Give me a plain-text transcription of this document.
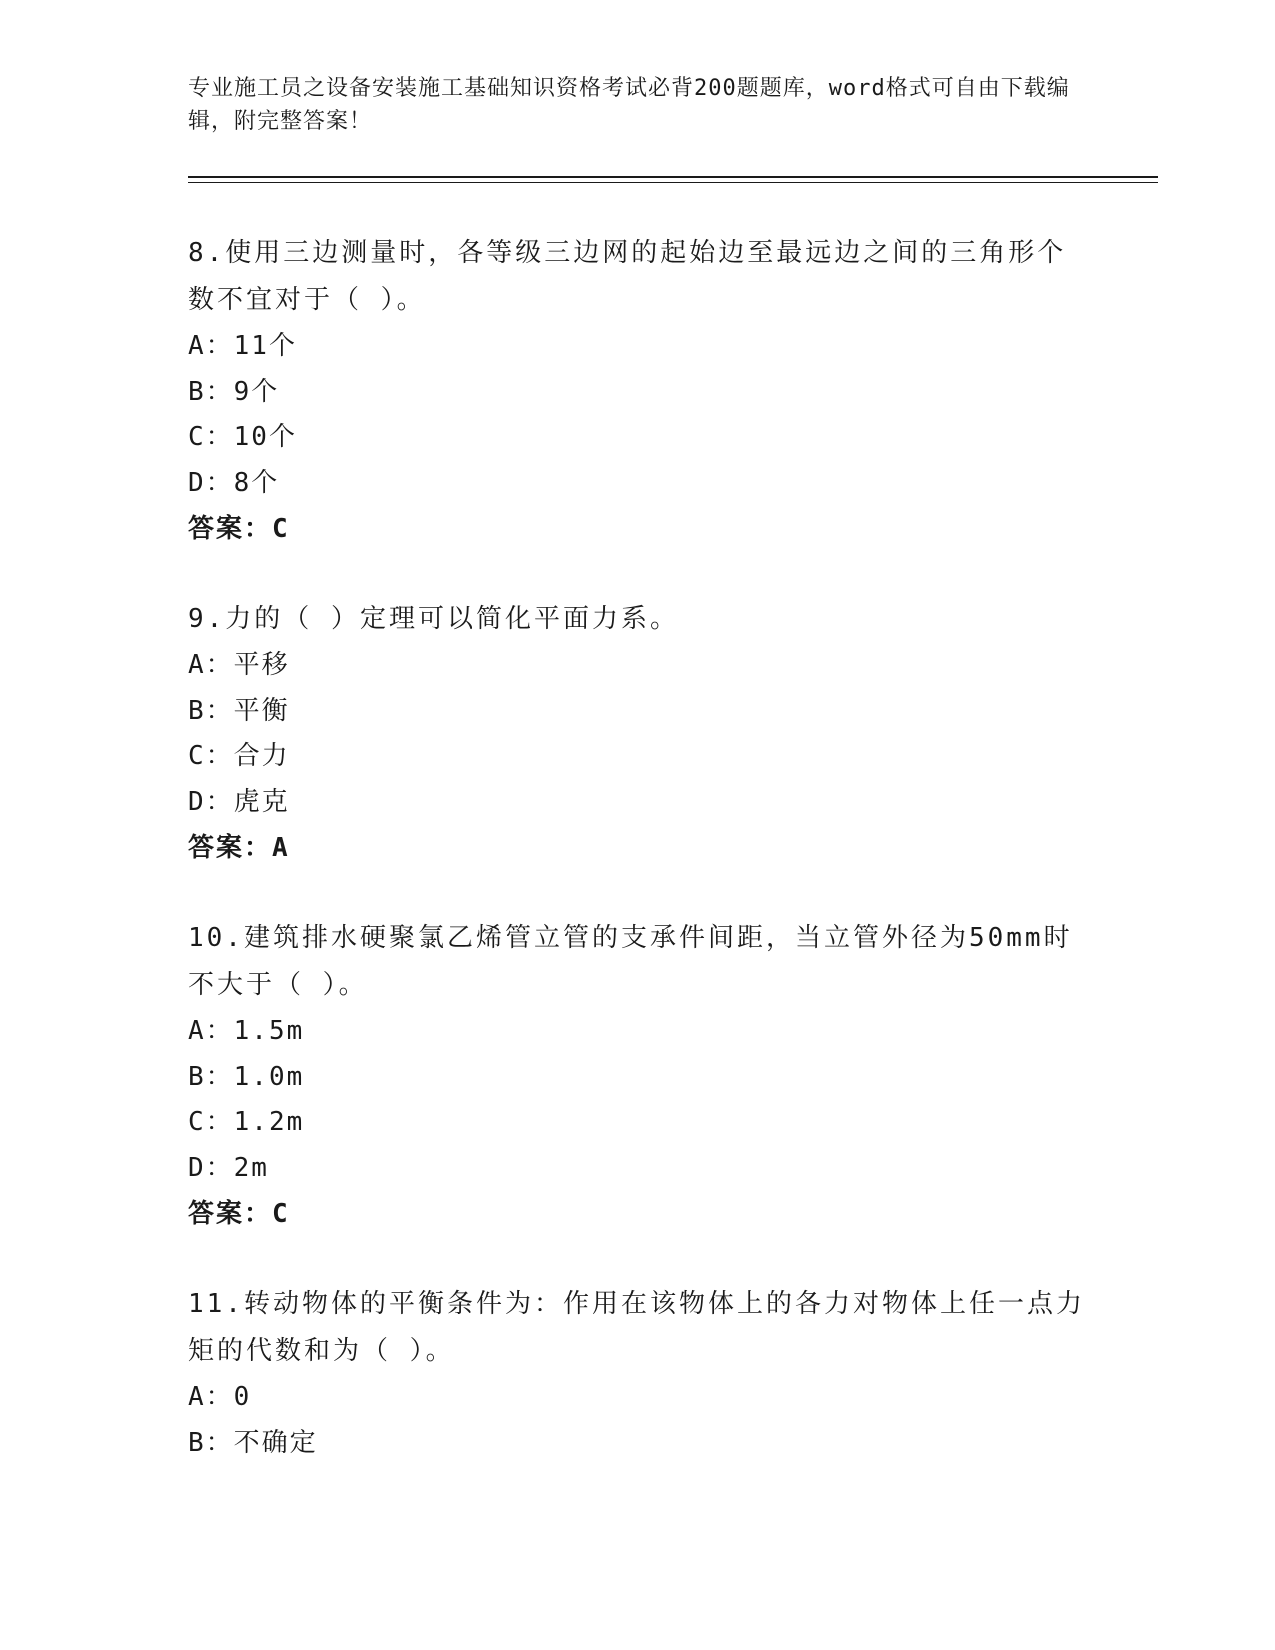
专业施工员之设备安装施工基础知识资格考试必背200题题库，word格式可自由下载编辑，附完整答案！

8.使用三边测量时，各等级三边网的起始边至最远边之间的三角形个数不宜对于（ ）。

A：11个

B：9个

C：10个

D：8个

答案：C

9.力的（ ）定理可以简化平面力系。

A：平移

B：平衡

C：合力

D：虎克

答案：A

10.建筑排水硬聚氯乙烯管立管的支承件间距，当立管外径为50mm时不大于（ ）。

A：1.5m

B：1.0m

C：1.2m

D：2m

答案：C

11.转动物体的平衡条件为：作用在该物体上的各力对物体上任一点力矩的代数和为（ ）。

A：0

B：不确定
